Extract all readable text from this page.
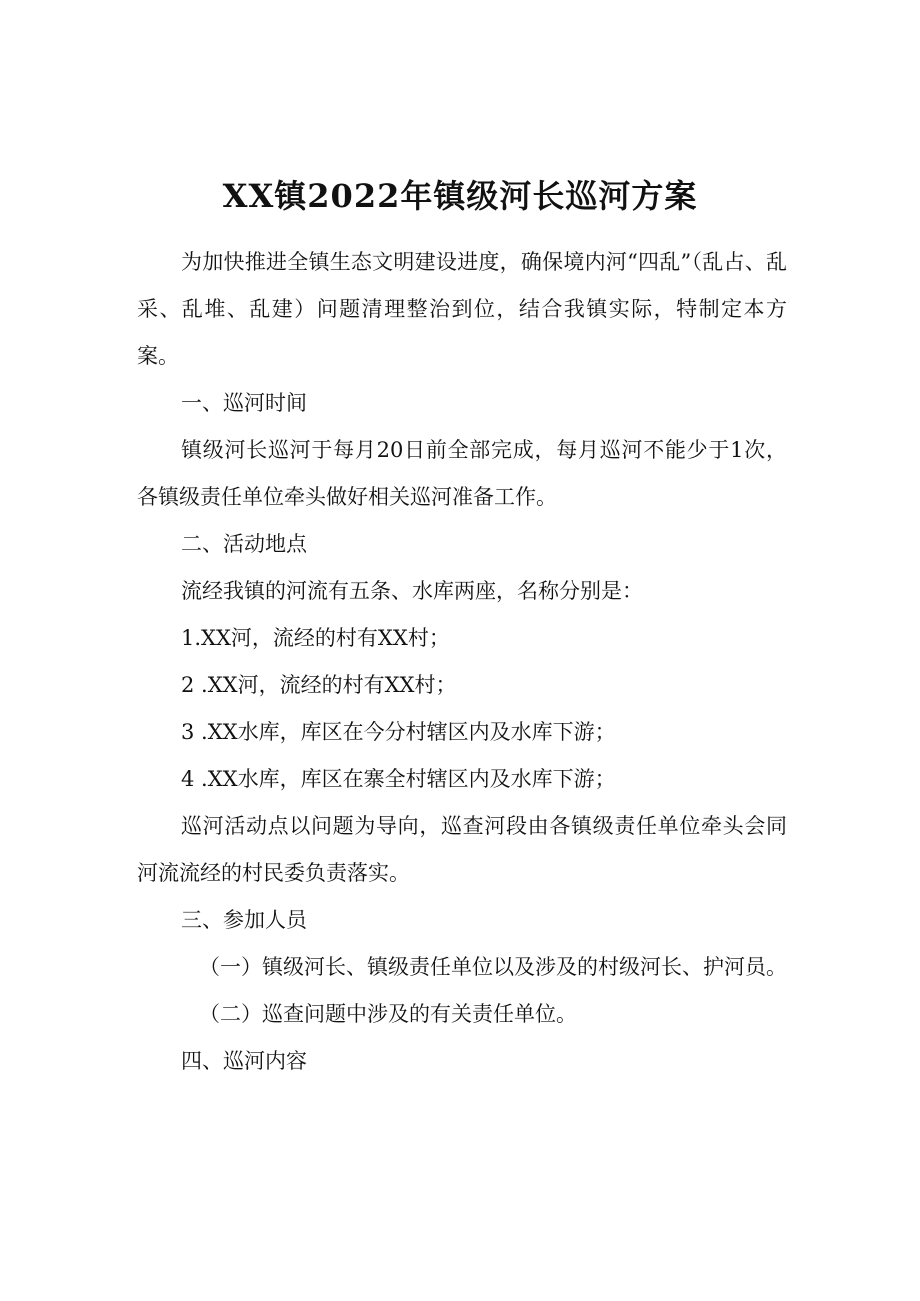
XX镇2022年镇级河长巡河方案

为加快推进全镇生态文明建设进度，确保境内河“四乱”（乱占、乱采、乱堆、乱建）问题清理整治到位，结合我镇实际，特制定本方案。

一、巡河时间

镇级河长巡河于每月20日前全部完成，每月巡河不能少于1次，各镇级责任单位牵头做好相关巡河准备工作。

二、活动地点

流经我镇的河流有五条、水库两座，名称分别是：

1.XX河，流经的村有XX村；

2 .XX河，流经的村有XX村；

3 .XX水库，库区在今分村辖区内及水库下游；

4 .XX水库，库区在寨全村辖区内及水库下游；

巡河活动点以问题为导向，巡查河段由各镇级责任单位牵头会同河流流经的村民委负责落实。

三、参加人员

（一）镇级河长、镇级责任单位以及涉及的村级河长、护河员。

（二）巡查问题中涉及的有关责任单位。

四、巡河内容
